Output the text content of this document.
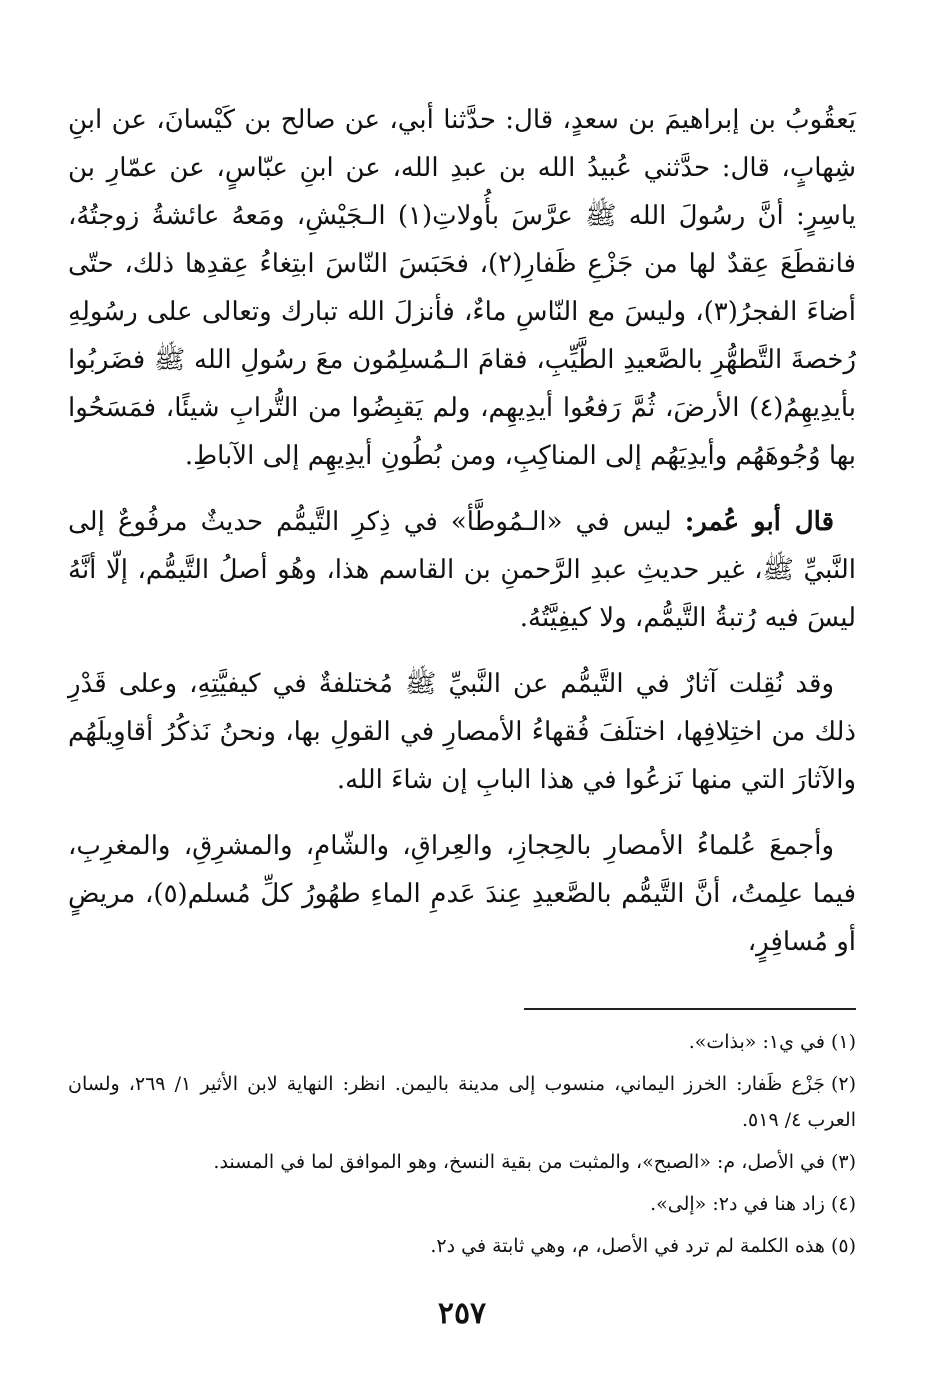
يَعقُوبُ بن إبراهيمَ بن سعدٍ، قال: حدَّثنا أبي، عن صالح بن كَيْسانَ، عن ابنِ شِهابٍ، قال: حدَّثني عُبيدُ الله بن عبدِ الله، عن ابنِ عبّاسٍ، عن عمّارِ بن ياسِرٍ: أنَّ رسُولَ الله ﷺ عرَّسَ بأُولاتِ(١) الـجَيْشِ، ومَعهُ عائشةُ زوجتُهُ، فانقطَعَ عِقدٌ لها من جَزْعِ ظَفارِ(٢)، فحَبَسَ النّاسَ ابتِغاءُ عِقدِها ذلك، حتّى أضاءَ الفجرُ(٣)، وليسَ مع النّاسِ ماءٌ، فأنزلَ الله تبارك وتعالى على رسُولِهِ رُخصةَ التَّطهُّرِ بالصَّعيدِ الطَّيِّبِ، فقامَ الـمُسلِمُون معَ رسُولِ الله ﷺ فضَربُوا بأيدِيهِمُ(٤) الأرضَ، ثُمَّ رَفعُوا أيدِيهِم، ولم يَقبِضُوا من التُّرابِ شيئًا، فمَسَحُوا بها وُجُوهَهُم وأيدِيَهُم إلى المناكِبِ، ومن بُطُونِ أيدِيهِم إلى الآباطِ.

قال أبو عُمر: ليس في «الـمُوطَّأ» في ذِكرِ التَّيمُّم حديثٌ مرفُوعٌ إلى النَّبيِّ ﷺ، غير حديثِ عبدِ الرَّحمنِ بن القاسم هذا، وهُو أصلُ التَّيمُّم، إلّا أنَّهُ ليسَ فيه رُتبةُ التَّيمُّم، ولا كيفِيَّتُهُ.

وقد نُقِلت آثارٌ في التَّيمُّم عن النَّبيِّ ﷺ مُختلفةٌ في كيفيَّتِهِ، وعلى قَدْرِ ذلك من اختِلافِها، اختلَفَ فُقهاءُ الأمصارِ في القولِ بها، ونحنُ نَذكُرُ أقاوِيلَهُم والآثارَ التي منها نَزعُوا في هذا البابِ إن شاءَ الله.

وأجمعَ عُلماءُ الأمصارِ بالحِجازِ، والعِراقِ، والشّامِ، والمشرِقِ، والمغرِبِ، فيما علِمتُ، أنَّ التَّيمُّم بالصَّعيدِ عِندَ عَدمِ الماءِ طهُورُ كلِّ مُسلم(٥)، مريضٍ أو مُسافِرٍ،

(١)في ي١: «بذات».

(٢)جَزْع ظَفار: الخرز اليماني، منسوب إلى مدينة باليمن. انظر: النهاية لابن الأثير ١/ ٢٦٩، ولسان العرب ٤/ ٥١٩.

(٣)في الأصل، م: «الصبح»، والمثبت من بقية النسخ، وهو الموافق لما في المسند.

(٤)زاد هنا في د٢: «إلى».

(٥)هذه الكلمة لم ترد في الأصل، م، وهي ثابتة في د٢.

٢٥٧
